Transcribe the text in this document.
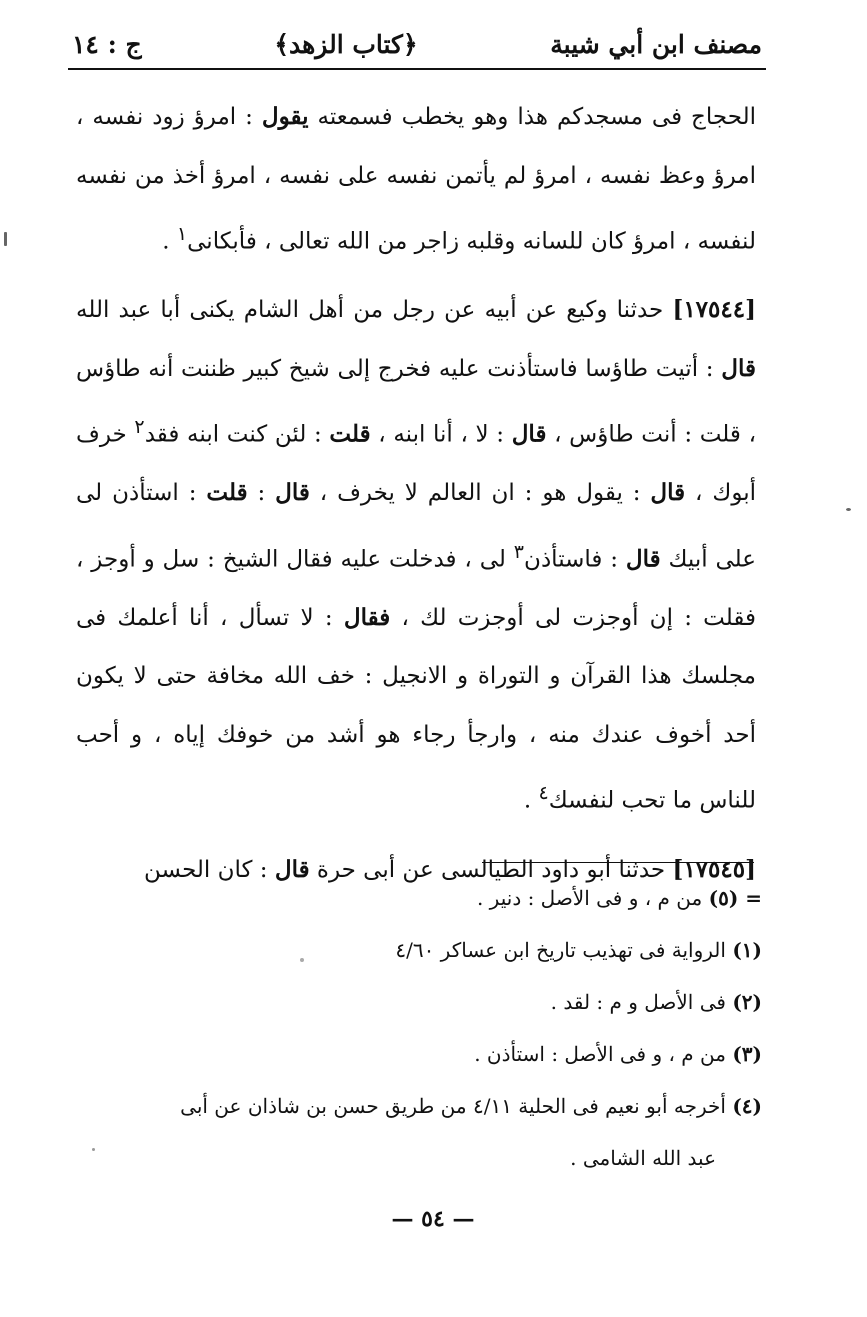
مصنف ابن أبي شيبة
﴿كتاب الزهد﴾
ج : ١٤

الحجاج فى مسجدكم هذا وهو يخطب فسمعته يقول : امرؤ زود نفسه ، امرؤ وعظ نفسه ، امرؤ لم يأتمن نفسه على نفسه ، امرؤ أخذ من نفسه لنفسه ، امرؤ كان للسانه وقلبه زاجر من الله تعالى ، فأبكانى$^١$ .

[١٧٥٤٤] حدثنا وكيع عن أبيه عن رجل من أهل الشام يكنى أبا عبد الله قال : أتيت طاؤسا فاستأذنت عليه فخرج إلى شيخ كبير ظننت أنه طاؤس ، قلت : أنت طاؤس ، قال : لا ، أنا ابنه ، قلت : لئن كنت ابنه فقد$^٢$ خرف أبوك ، قال : يقول هو : ان العالم لا يخرف ، قال : قلت : استأذن لى على أبيك قال : فاستأذن$^٣$ لى ، فدخلت عليه فقال الشيخ : سل و أوجز ، فقلت : إن أوجزت لى أوجزت لك ، فقال : لا تسأل ، أنا أعلمك فى مجلسك هذا القرآن و التوراة و الانجيل : خف الله مخافة حتى لا يكون أحد أخوف عندك منه ، وارجأ رجاء هو أشد من خوفك إياه ، و أحب للناس ما تحب لنفسك$^٤$ .

[١٧٥٤٥] حدثنا أبو داود الطيالسى عن أبى حرة قال : كان الحسن

= (٥) من م ، و فى الأصل : دنير .

(١) الرواية فى تهذيب تاريخ ابن عساكر ٤/٦٠

(٢) فى الأصل و م : لقد .

(٣) من م ، و فى الأصل : استأذن .

(٤) أخرجه أبو نعيم فى الحلية ٤/١١ من طريق حسن بن شاذان عن أبى

عبد الله الشامى .

— ٥٤ —
